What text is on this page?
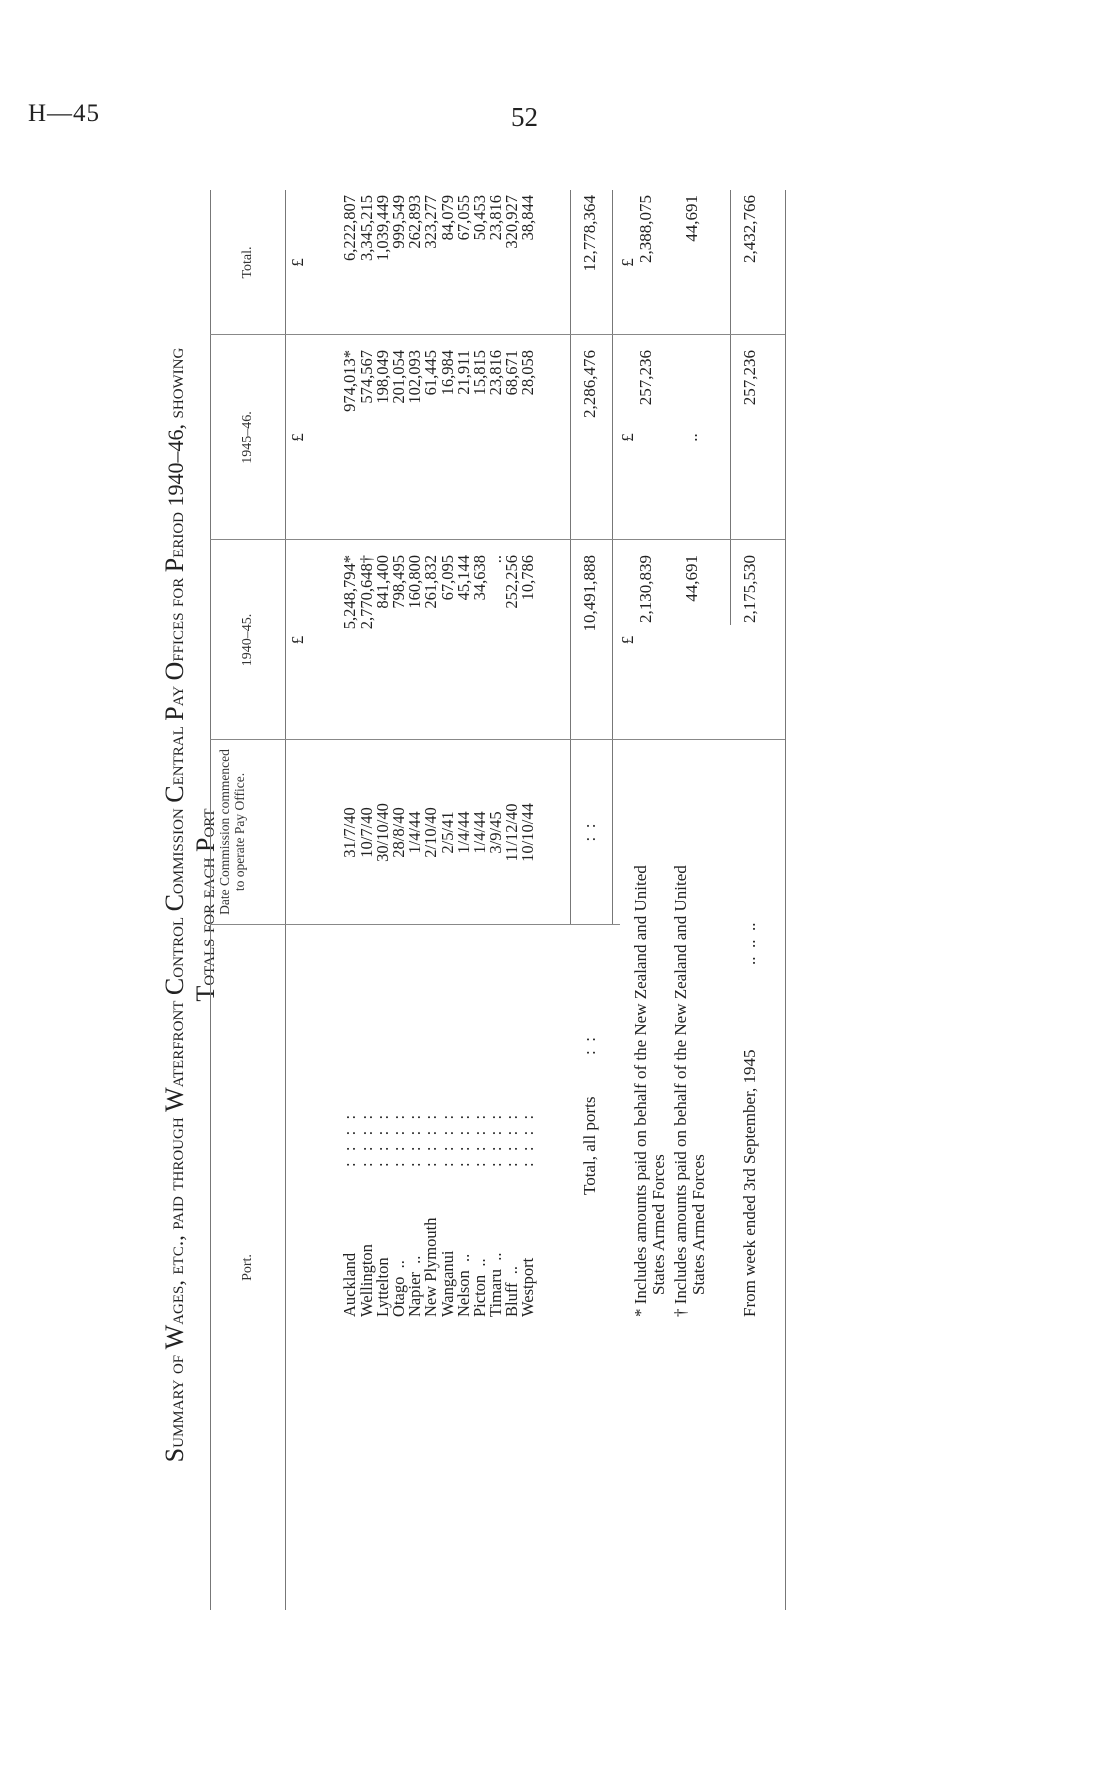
H—45	52
Summary of Wages, etc., paid through Waterfront Control Commission Central Pay Offices for Period 1940–46, showing
Totals for each Port
Port.
Date Commission commenced to operate Pay Office.
1940–45.
1945–46.
Total.
£
£
£

Auckland
Wellington
Lyttelton
Otago  ..
Napier  ..
New Plymouth
Wanganui
Nelson  ..
Picton  ..
Timaru  ..
Bluff  ..
Westport

:  :  :  :
:  :  :  :
:  :  :  :
:  :  :  :
:  :  :  :
:  :  :  :
:  :  :  :
:  :  :  :
:  :  :  :
:  :  :  :
:  :  :  :
:  :  :  :

31/7/40
10/7/40
30/10/40
28/8/40
1/4/44
2/10/40
2/5/41
1/4/44
1/4/44
3/9/45
11/12/40
10/10/44

5,248,794*
2,770,648†
841,400
798,495
160,800
261,832
67,095
45,144
34,638
..
252,256
10,786

974,013*
574,567
198,049
201,054
102,093
61,445
16,984
21,911
15,815
23,816
68,671
28,058

6,222,807
3,345,215
1,039,449
999,549
262,893
323,277
84,079
67,055
50,453
23,816
320,927
38,844

Total, all ports
:  :
:  :
10,491,888
2,286,476
12,778,364
£
£
£
* Includes amounts paid on behalf of the New Zealand and United States Armed Forces
2,130,839
257,236
2,388,075
† Includes amounts paid on behalf of the New Zealand and United States Armed Forces
44,691
..
44,691
From week ended 3rd September, 1945
..  ..  ..
2,175,530
257,236
2,432,766
